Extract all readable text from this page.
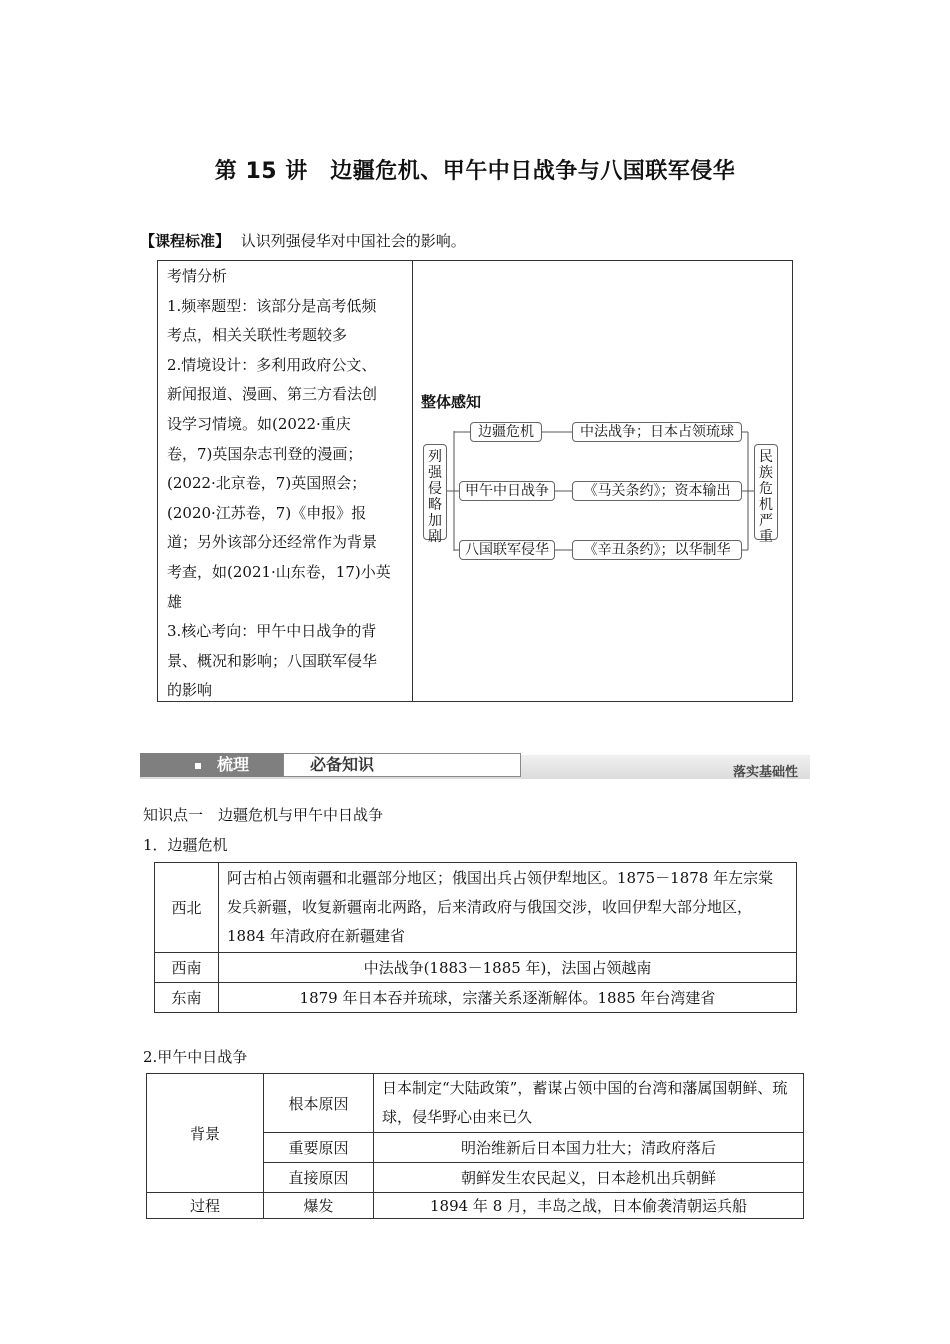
第 15 讲　边疆危机、甲午中日战争与八国联军侵华
【课程标准】 认识列强侵华对中国社会的影响。
考情分析
1.频率题型：该部分是高考低频
考点，相关关联性考题较多
2.情境设计：多利用政府公文、
新闻报道、漫画、第三方看法创
设学习情境。如(2022·重庆
卷，7)英国杂志刊登的漫画；
(2022·北京卷，7)英国照会；
(2020·江苏卷，7)《申报》报
道；另外该部分还经常作为背景
考查，如(2021·山东卷，17)小英
雄
3.核心考向：甲午中日战争的背
景、概况和影响；八国联军侵华
的影响
整体感知
列强侵略加剧
民族危机严重
边疆危机
甲午中日战争
八国联军侵华
中法战争；日本占领琉球
《马关条约》；资本输出
《辛丑条约》；以华制华
梳理	必备知识	落实基础性
知识点一　边疆危机与甲午中日战争
1．边疆危机
西北	阿古柏占领南疆和北疆部分地区；俄国出兵占领伊犁地区。1875－1878 年左宗棠发兵新疆，收复新疆南北两路，后来清政府与俄国交涉，收回伊犁大部分地区，1884 年清政府在新疆建省
西南	中法战争(1883－1885 年)，法国占领越南
东南	1879 年日本吞并琉球，宗藩关系逐渐解体。1885 年台湾建省
2.甲午中日战争
背景	根本原因	日本制定“大陆政策”，蓄谋占领中国的台湾和藩属国朝鲜、琉球，侵华野心由来已久
	重要原因	明治维新后日本国力壮大；清政府落后
	直接原因	朝鲜发生农民起义，日本趁机出兵朝鲜
过程	爆发	1894 年 8 月，丰岛之战，日本偷袭清朝运兵船
